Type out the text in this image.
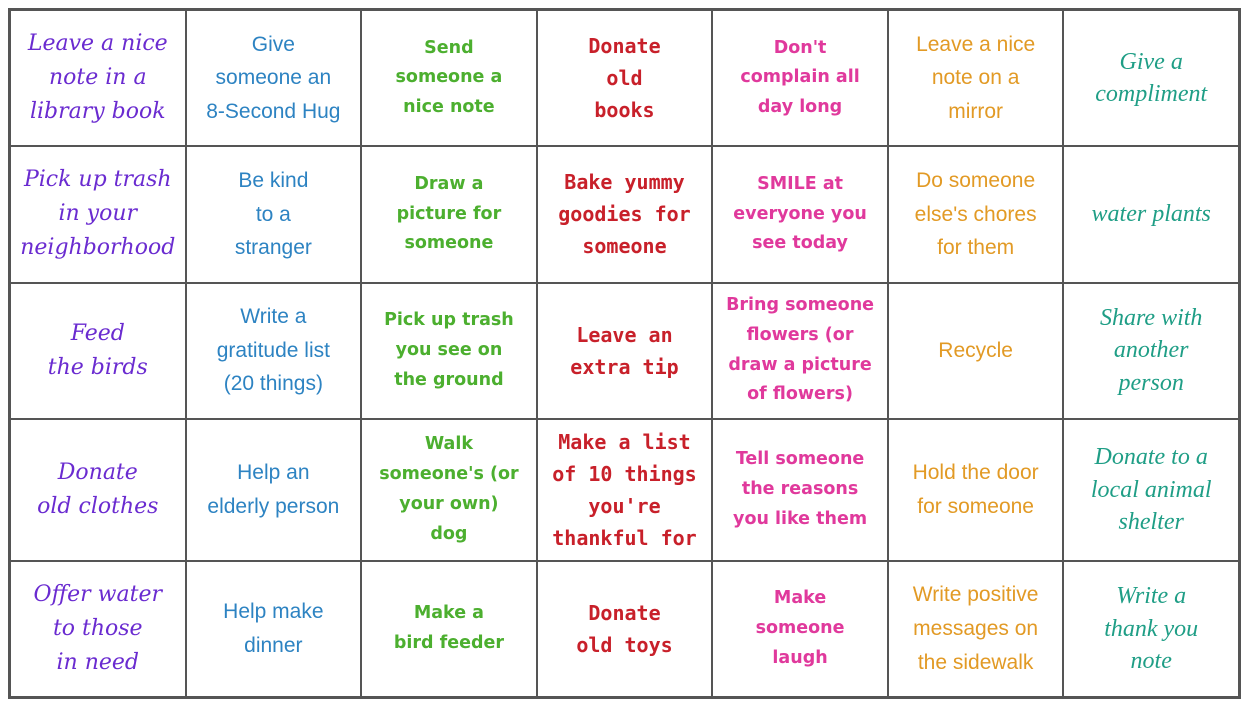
Leave a nice
note in a
library book
Give
someone an
8-Second Hug
Send
someone a
nice note
Donate
old
books
Don't
complain all
day long
Leave a nice
note on a
mirror
Give a
compliment
Pick up trash
in your
neighborhood
Be kind
to a
stranger
Draw a
picture for
someone
Bake yummy
goodies for
someone
SMILE at
everyone you
see today
Do someone
else's chores
for them
water plants
Feed
the birds
Write a
gratitude list
(20 things)
Pick up trash
you see on
the ground
Leave an
extra tip
Bring someone
flowers (or
draw a picture
of flowers)
Recycle
Share with
another
person
Donate
old clothes
Help an
elderly person
Walk
someone's (or
your own)
dog
Make a list
of 10 things
you're
thankful for
Tell someone
the reasons
you like them
Hold the door
for someone
Donate to a
local animal
shelter
Offer water
to those
in need
Help make
dinner
Make a
bird feeder
Donate
old toys
Make
someone
laugh
Write positive
messages on
the sidewalk
Write a
thank you
note
